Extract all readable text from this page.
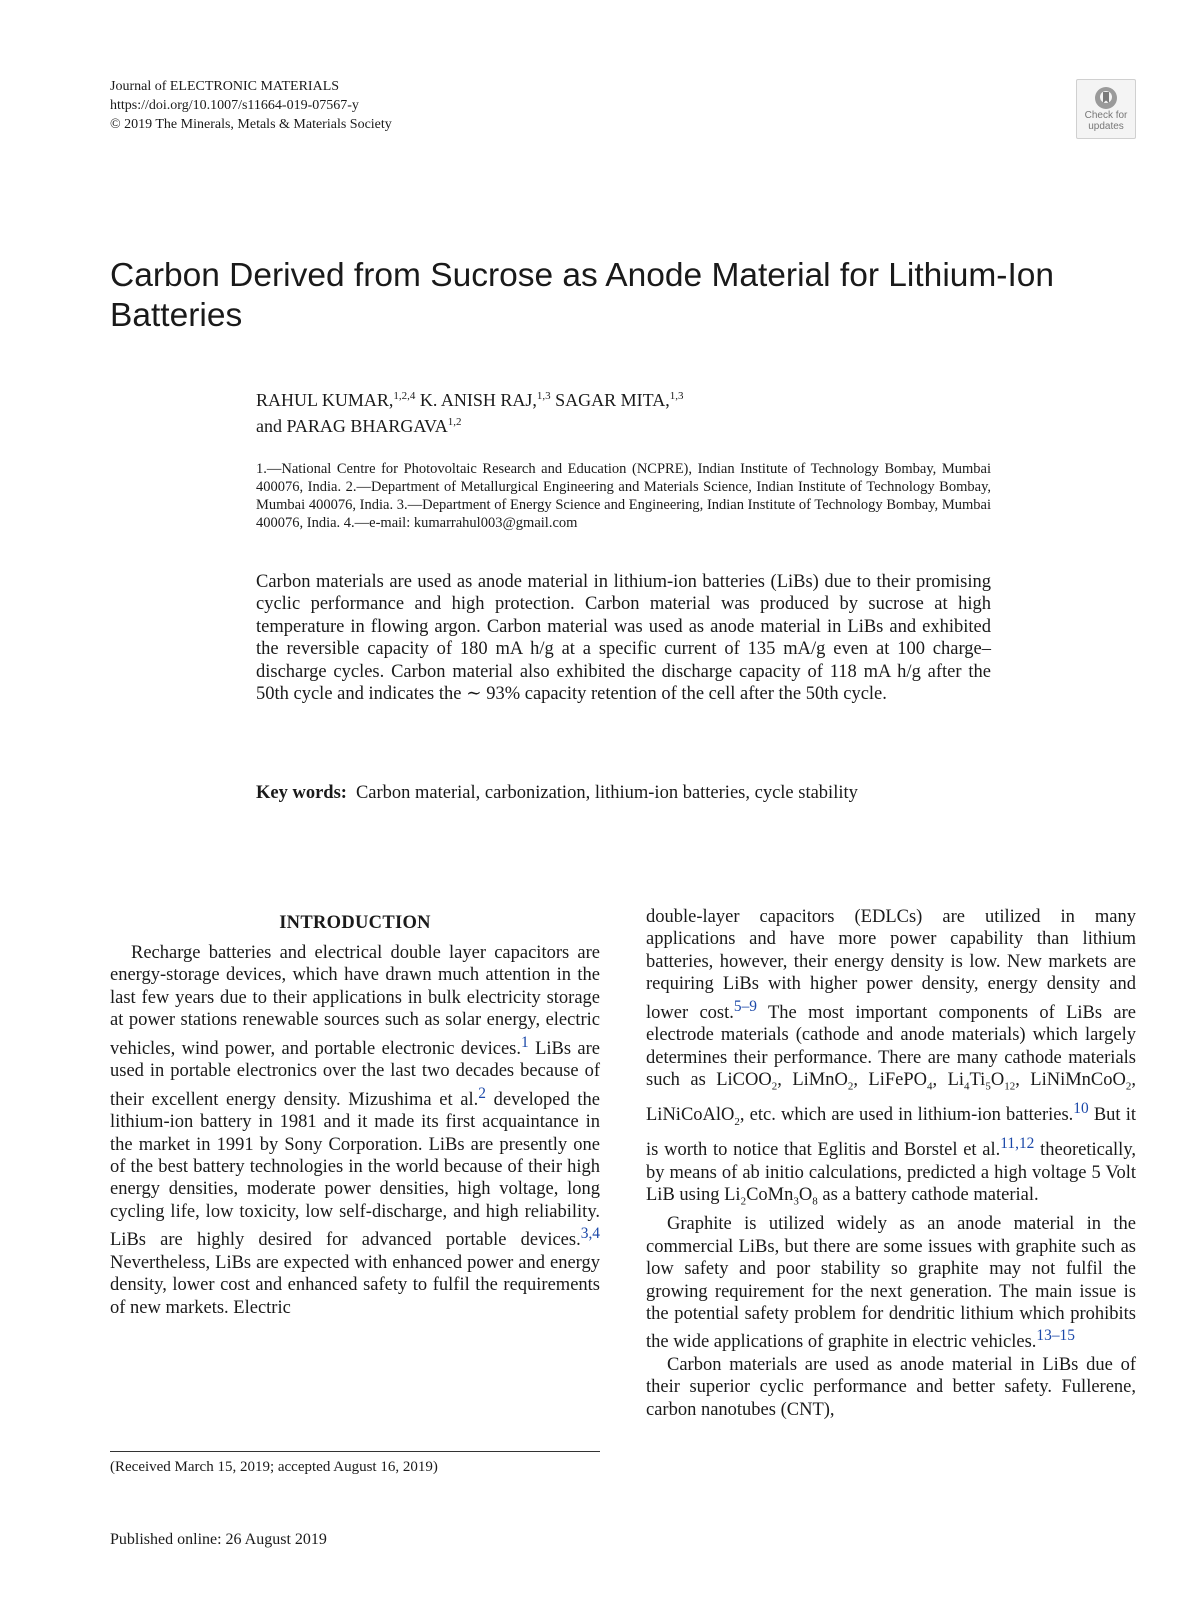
Journal of ELECTRONIC MATERIALS
https://doi.org/10.1007/s11664-019-07567-y
© 2019 The Minerals, Metals & Materials Society
Check for
updates
Carbon Derived from Sucrose as Anode Material for Lithium-Ion Batteries
RAHUL KUMAR,$^{1,2,4}$ K. ANISH RAJ,$^{1,3}$ SAGAR MITA,$^{1,3}$
and PARAG BHARGAVA$^{1,2}$
1.—National Centre for Photovoltaic Research and Education (NCPRE), Indian Institute of Technology Bombay, Mumbai 400076, India. 2.—Department of Metallurgical Engineering and Materials Science, Indian Institute of Technology Bombay, Mumbai 400076, India. 3.—Department of Energy Science and Engineering, Indian Institute of Technology Bombay, Mumbai 400076, India. 4.—e-mail: kumarrahul003@gmail.com
Carbon materials are used as anode material in lithium-ion batteries (LiBs) due to their promising cyclic performance and high protection. Carbon material was produced by sucrose at high temperature in flowing argon. Carbon material was used as anode material in LiBs and exhibited the reversible capacity of 180 mA h/g at a specific current of 135 mA/g even at 100 charge–discharge cycles. Carbon material also exhibited the discharge capacity of 118 mA h/g after the 50th cycle and indicates the ∼ 93% capacity retention of the cell after the 50th cycle.
Key words: Carbon material, carbonization, lithium-ion batteries, cycle stability
INTRODUCTION

Recharge batteries and electrical double layer capacitors are energy-storage devices, which have drawn much attention in the last few years due to their applications in bulk electricity storage at power stations renewable sources such as solar energy, electric vehicles, wind power, and portable electronic devices.$^1$ LiBs are used in portable electronics over the last two decades because of their excellent energy density. Mizushima et al.$^2$ developed the lithium-ion battery in 1981 and it made its first acquaintance in the market in 1991 by Sony Corporation. LiBs are presently one of the best battery technologies in the world because of their high energy densities, moderate power densities, high voltage, long cycling life, low toxicity, low self-discharge, and high reliability. LiBs are highly desired for advanced portable devices.$^{3,4}$ Nevertheless, LiBs are expected with enhanced power and energy density, lower cost and enhanced safety to fulfil the requirements of new markets. Electric

double-layer capacitors (EDLCs) are utilized in many applications and have more power capability than lithium batteries, however, their energy density is low. New markets are requiring LiBs with higher power density, energy density and lower cost.$^{5-9}$ The most important components of LiBs are electrode materials (cathode and anode materials) which largely determines their performance. There are many cathode materials such as LiCOO$_2$, LiMnO$_2$, LiFePO$_4$, $Li_4Ti_5O_{12}$, LiNiMnCoO$_2$, LiNiCoAlO$_2$, etc. which are used in lithium-ion batteries.$^{10}$ But it is worth to notice that Eglitis and Borstel et al.$^{11,12}$ theoretically, by means of ab initio calculations, predicted a high voltage 5 Volt LiB using $Li_2CoMn_3O_8$ as a battery cathode material.

Graphite is utilized widely as an anode material in the commercial LiBs, but there are some issues with graphite such as low safety and poor stability so graphite may not fulfil the growing requirement for the next generation. The main issue is the potential safety problem for dendritic lithium which prohibits the wide applications of graphite in electric vehicles.$^{13-15}$

Carbon materials are used as anode material in LiBs due of their superior cyclic performance and better safety. Fullerene, carbon nanotubes (CNT),

(Received March 15, 2019; accepted August 16, 2019)
Published online: 26 August 2019
